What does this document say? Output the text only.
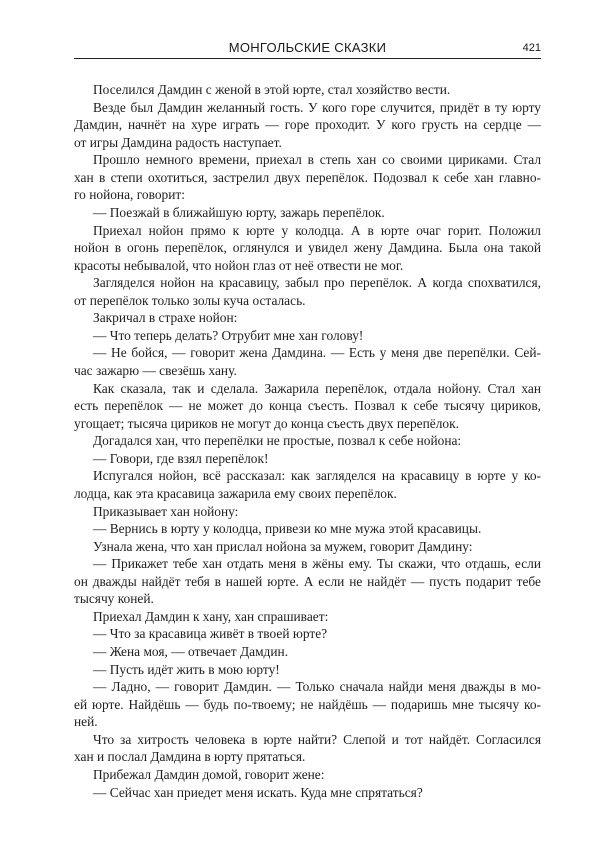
МОНГОЛЬСКИЕ СКАЗКИ	421
Поселился Дамдин с женой в этой юрте, стал хозяйство вести.
Везде был Дамдин желанный гость. У кого горе случится, придёт в ту юрту
Дамдин, начнёт на хуре играть — горе проходит. У кого грусть на сердце —
от игры Дамдина радость наступает.
Прошло немного времени, приехал в степь хан со своими цириками. Стал
хан в степи охотиться, застрелил двух перепёлок. Подозвал к себе хан главно-
го нойона, говорит:
— Поезжай в ближайшую юрту, зажарь перепёлок.
Приехал нойон прямо к юрте у колодца. А в юрте очаг горит. Положил
нойон в огонь перепёлок, оглянулся и увидел жену Дамдина. Была она такой
красоты небывалой, что нойон глаз от неё отвести не мог.
Загляделся нойон на красавицу, забыл про перепёлок. А когда спохватился,
от перепёлок только золы куча осталась.
Закричал в страхе нойон:
— Что теперь делать? Отрубит мне хан голову!
— Не бойся, — говорит жена Дамдина. — Есть у меня две перепёлки. Сей-
час зажарю — свезёшь хану.
Как сказала, так и сделала. Зажарила перепёлок, отдала нойону. Стал хан
есть перепёлок — не может до конца съесть. Позвал к себе тысячу цириков,
угощает; тысяча цириков не могут до конца съесть двух перепёлок.
Догадался хан, что перепёлки не простые, позвал к себе нойона:
— Говори, где взял перепёлок!
Испугался нойон, всё рассказал: как загляделся на красавицу в юрте у ко-
лодца, как эта красавица зажарила ему своих перепёлок.
Приказывает хан нойону:
— Вернись в юрту у колодца, привези ко мне мужа этой красавицы.
Узнала жена, что хан прислал нойона за мужем, говорит Дамдину:
— Прикажет тебе хан отдать меня в жёны ему. Ты скажи, что отдашь, если
он дважды найдёт тебя в нашей юрте. А если не найдёт — пусть подарит тебе
тысячу коней.
Приехал Дамдин к хану, хан спрашивает:
— Что за красавица живёт в твоей юрте?
— Жена моя, — отвечает Дамдин.
— Пусть идёт жить в мою юрту!
— Ладно, — говорит Дамдин. — Только сначала найди меня дважды в мо-
ей юрте. Найдёшь — будь по-твоему; не найдёшь — подаришь мне тысячу ко-
ней.
Что за хитрость человека в юрте найти? Слепой и тот найдёт. Согласился
хан и послал Дамдина в юрту прятаться.
Прибежал Дамдин домой, говорит жене:
— Сейчас хан приедет меня искать. Куда мне спрятаться?
